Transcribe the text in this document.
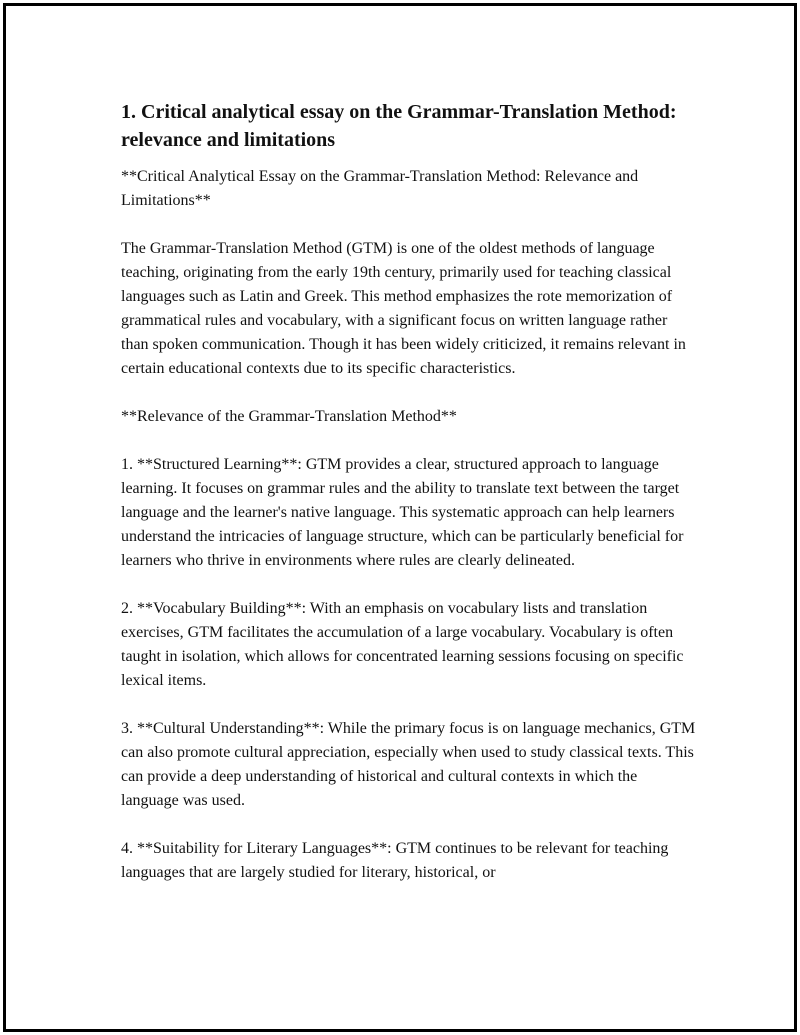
1. Critical analytical essay on the Grammar-Translation Method: relevance and limitations

**Critical Analytical Essay on the Grammar-Translation Method: Relevance and Limitations**

The Grammar-Translation Method (GTM) is one of the oldest methods of language teaching, originating from the early 19th century, primarily used for teaching classical languages such as Latin and Greek. This method emphasizes the rote memorization of grammatical rules and vocabulary, with a significant focus on written language rather than spoken communication. Though it has been widely criticized, it remains relevant in certain educational contexts due to its specific characteristics.

**Relevance of the Grammar-Translation Method**

1. **Structured Learning**: GTM provides a clear, structured approach to language learning. It focuses on grammar rules and the ability to translate text between the target language and the learner's native language. This systematic approach can help learners understand the intricacies of language structure, which can be particularly beneficial for learners who thrive in environments where rules are clearly delineated.

2. **Vocabulary Building**: With an emphasis on vocabulary lists and translation exercises, GTM facilitates the accumulation of a large vocabulary. Vocabulary is often taught in isolation, which allows for concentrated learning sessions focusing on specific lexical items.

3. **Cultural Understanding**: While the primary focus is on language mechanics, GTM can also promote cultural appreciation, especially when used to study classical texts. This can provide a deep understanding of historical and cultural contexts in which the language was used.

4. **Suitability for Literary Languages**: GTM continues to be relevant for teaching languages that are largely studied for literary, historical, or
